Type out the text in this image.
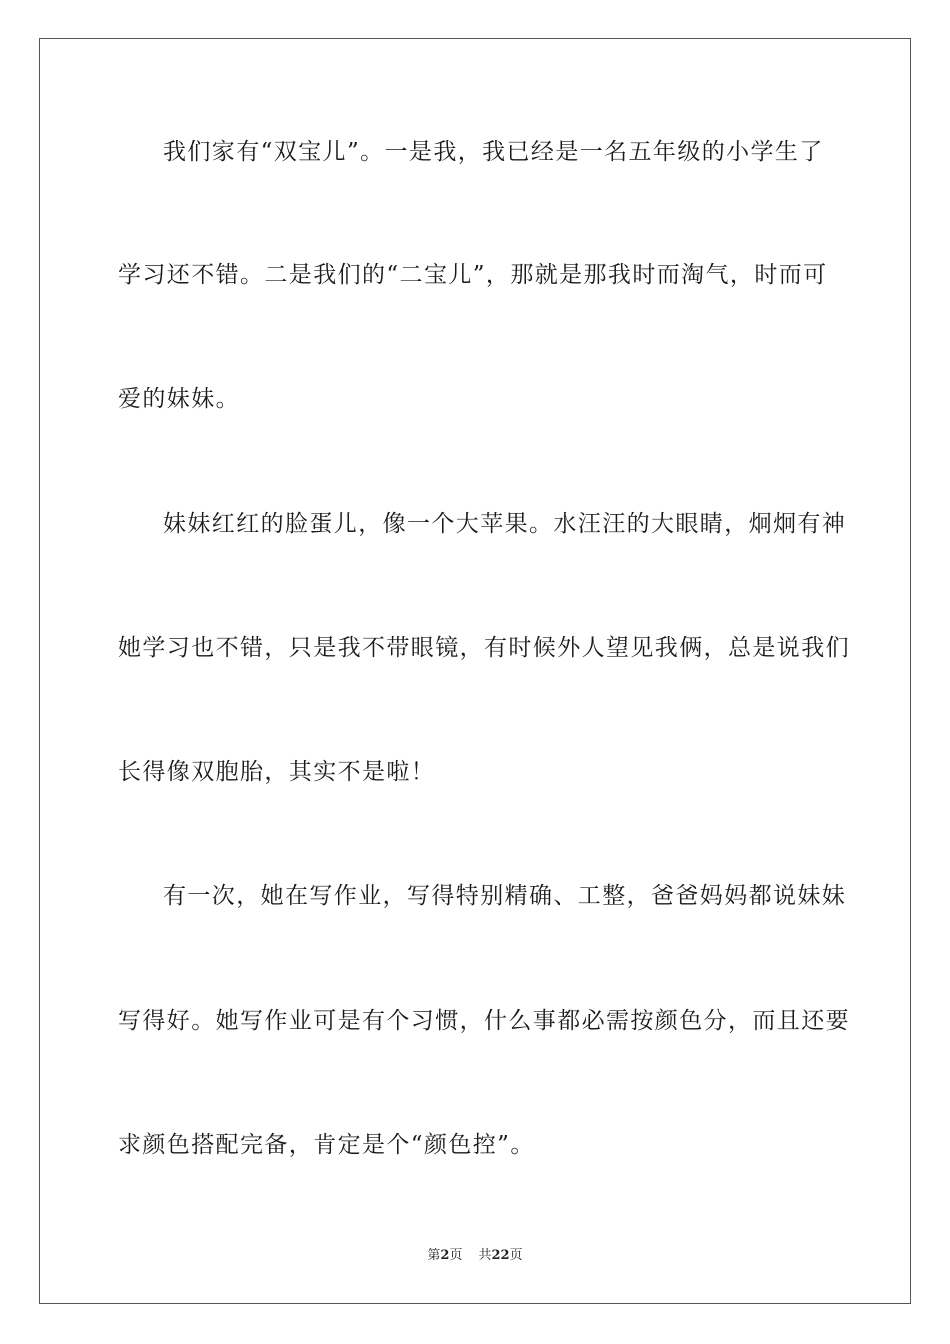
我们家有“双宝儿”。一是我，我已经是一名五年级的小学生了
学习还不错。二是我们的“二宝儿”，那就是那我时而淘气，时而可
爱的妹妹。
妹妹红红的脸蛋儿，像一个大苹果。水汪汪的大眼睛，炯炯有神
她学习也不错，只是我不带眼镜，有时候外人望见我俩，总是说我们
长得像双胞胎，其实不是啦！
有一次，她在写作业，写得特别精确、工整，爸爸妈妈都说妹妹
写得好。她写作业可是有个习惯，什么事都必需按颜色分，而且还要
求颜色搭配完备，肯定是个“颜色控”。
第2页 共22页
